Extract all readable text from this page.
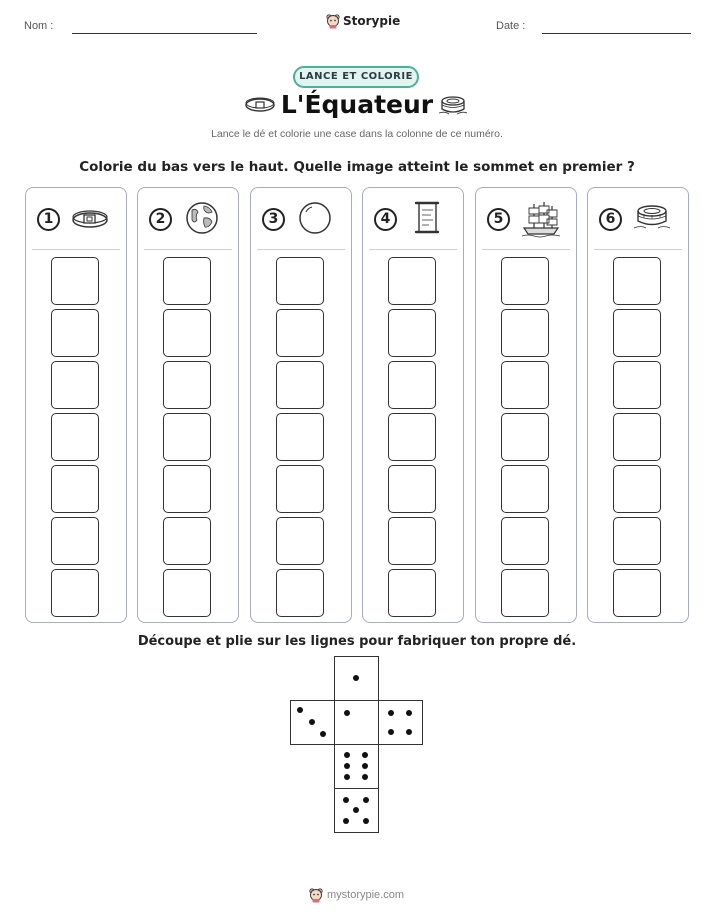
Nom :	Storypie	Date :
LANCE ET COLORIE
L'Équateur
Lance le dé et colorie une case dans la colonne de ce numéro.
Colorie du bas vers le haut. Quelle image atteint le sommet en premier ?
1	2	3	4	5	6
Découpe et plie sur les lignes pour fabriquer ton propre dé.
mystorypie.com
